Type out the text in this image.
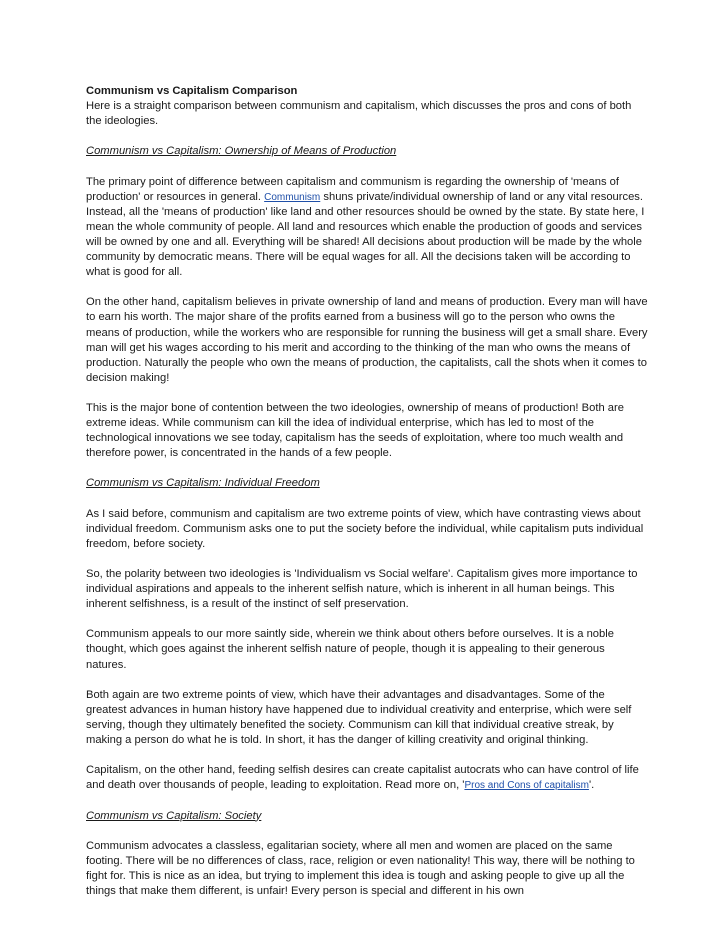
Communism vs Capitalism Comparison

Here is a straight comparison between communism and capitalism, which discusses the pros and cons of both the ideologies.

Communism vs Capitalism: Ownership of Means of Production

The primary point of difference between capitalism and communism is regarding the ownership of 'means of production' or resources in general. Communism shuns private/individual ownership of land or any vital resources. Instead, all the 'means of production' like land and other resources should be owned by the state. By state here, I mean the whole community of people. All land and resources which enable the production of goods and services will be owned by one and all. Everything will be shared! All decisions about production will be made by the whole community by democratic means. There will be equal wages for all. All the decisions taken will be according to what is good for all.

On the other hand, capitalism believes in private ownership of land and means of production. Every man will have to earn his worth. The major share of the profits earned from a business will go to the person who owns the means of production, while the workers who are responsible for running the business will get a small share. Every man will get his wages according to his merit and according to the thinking of the man who owns the means of production. Naturally the people who own the means of production, the capitalists, call the shots when it comes to decision making!

This is the major bone of contention between the two ideologies, ownership of means of production! Both are extreme ideas. While communism can kill the idea of individual enterprise, which has led to most of the technological innovations we see today, capitalism has the seeds of exploitation, where too much wealth and therefore power, is concentrated in the hands of a few people.

Communism vs Capitalism: Individual Freedom

As I said before, communism and capitalism are two extreme points of view, which have contrasting views about individual freedom. Communism asks one to put the society before the individual, while capitalism puts individual freedom, before society.

So, the polarity between two ideologies is 'Individualism vs Social welfare'. Capitalism gives more importance to individual aspirations and appeals to the inherent selfish nature, which is inherent in all human beings. This inherent selfishness, is a result of the instinct of self preservation.

Communism appeals to our more saintly side, wherein we think about others before ourselves. It is a noble thought, which goes against the inherent selfish nature of people, though it is appealing to their generous natures.

Both again are two extreme points of view, which have their advantages and disadvantages. Some of the greatest advances in human history have happened due to individual creativity and enterprise, which were self serving, though they ultimately benefited the society. Communism can kill that individual creative streak, by making a person do what he is told. In short, it has the danger of killing creativity and original thinking.

Capitalism, on the other hand, feeding selfish desires can create capitalist autocrats who can have control of life and death over thousands of people, leading to exploitation. Read more on, 'Pros and Cons of capitalism'.

Communism vs Capitalism: Society

Communism advocates a classless, egalitarian society, where all men and women are placed on the same footing. There will be no differences of class, race, religion or even nationality! This way, there will be nothing to fight for. This is nice as an idea, but trying to implement this idea is tough and asking people to give up all the things that make them different, is unfair! Every person is special and different in his own
